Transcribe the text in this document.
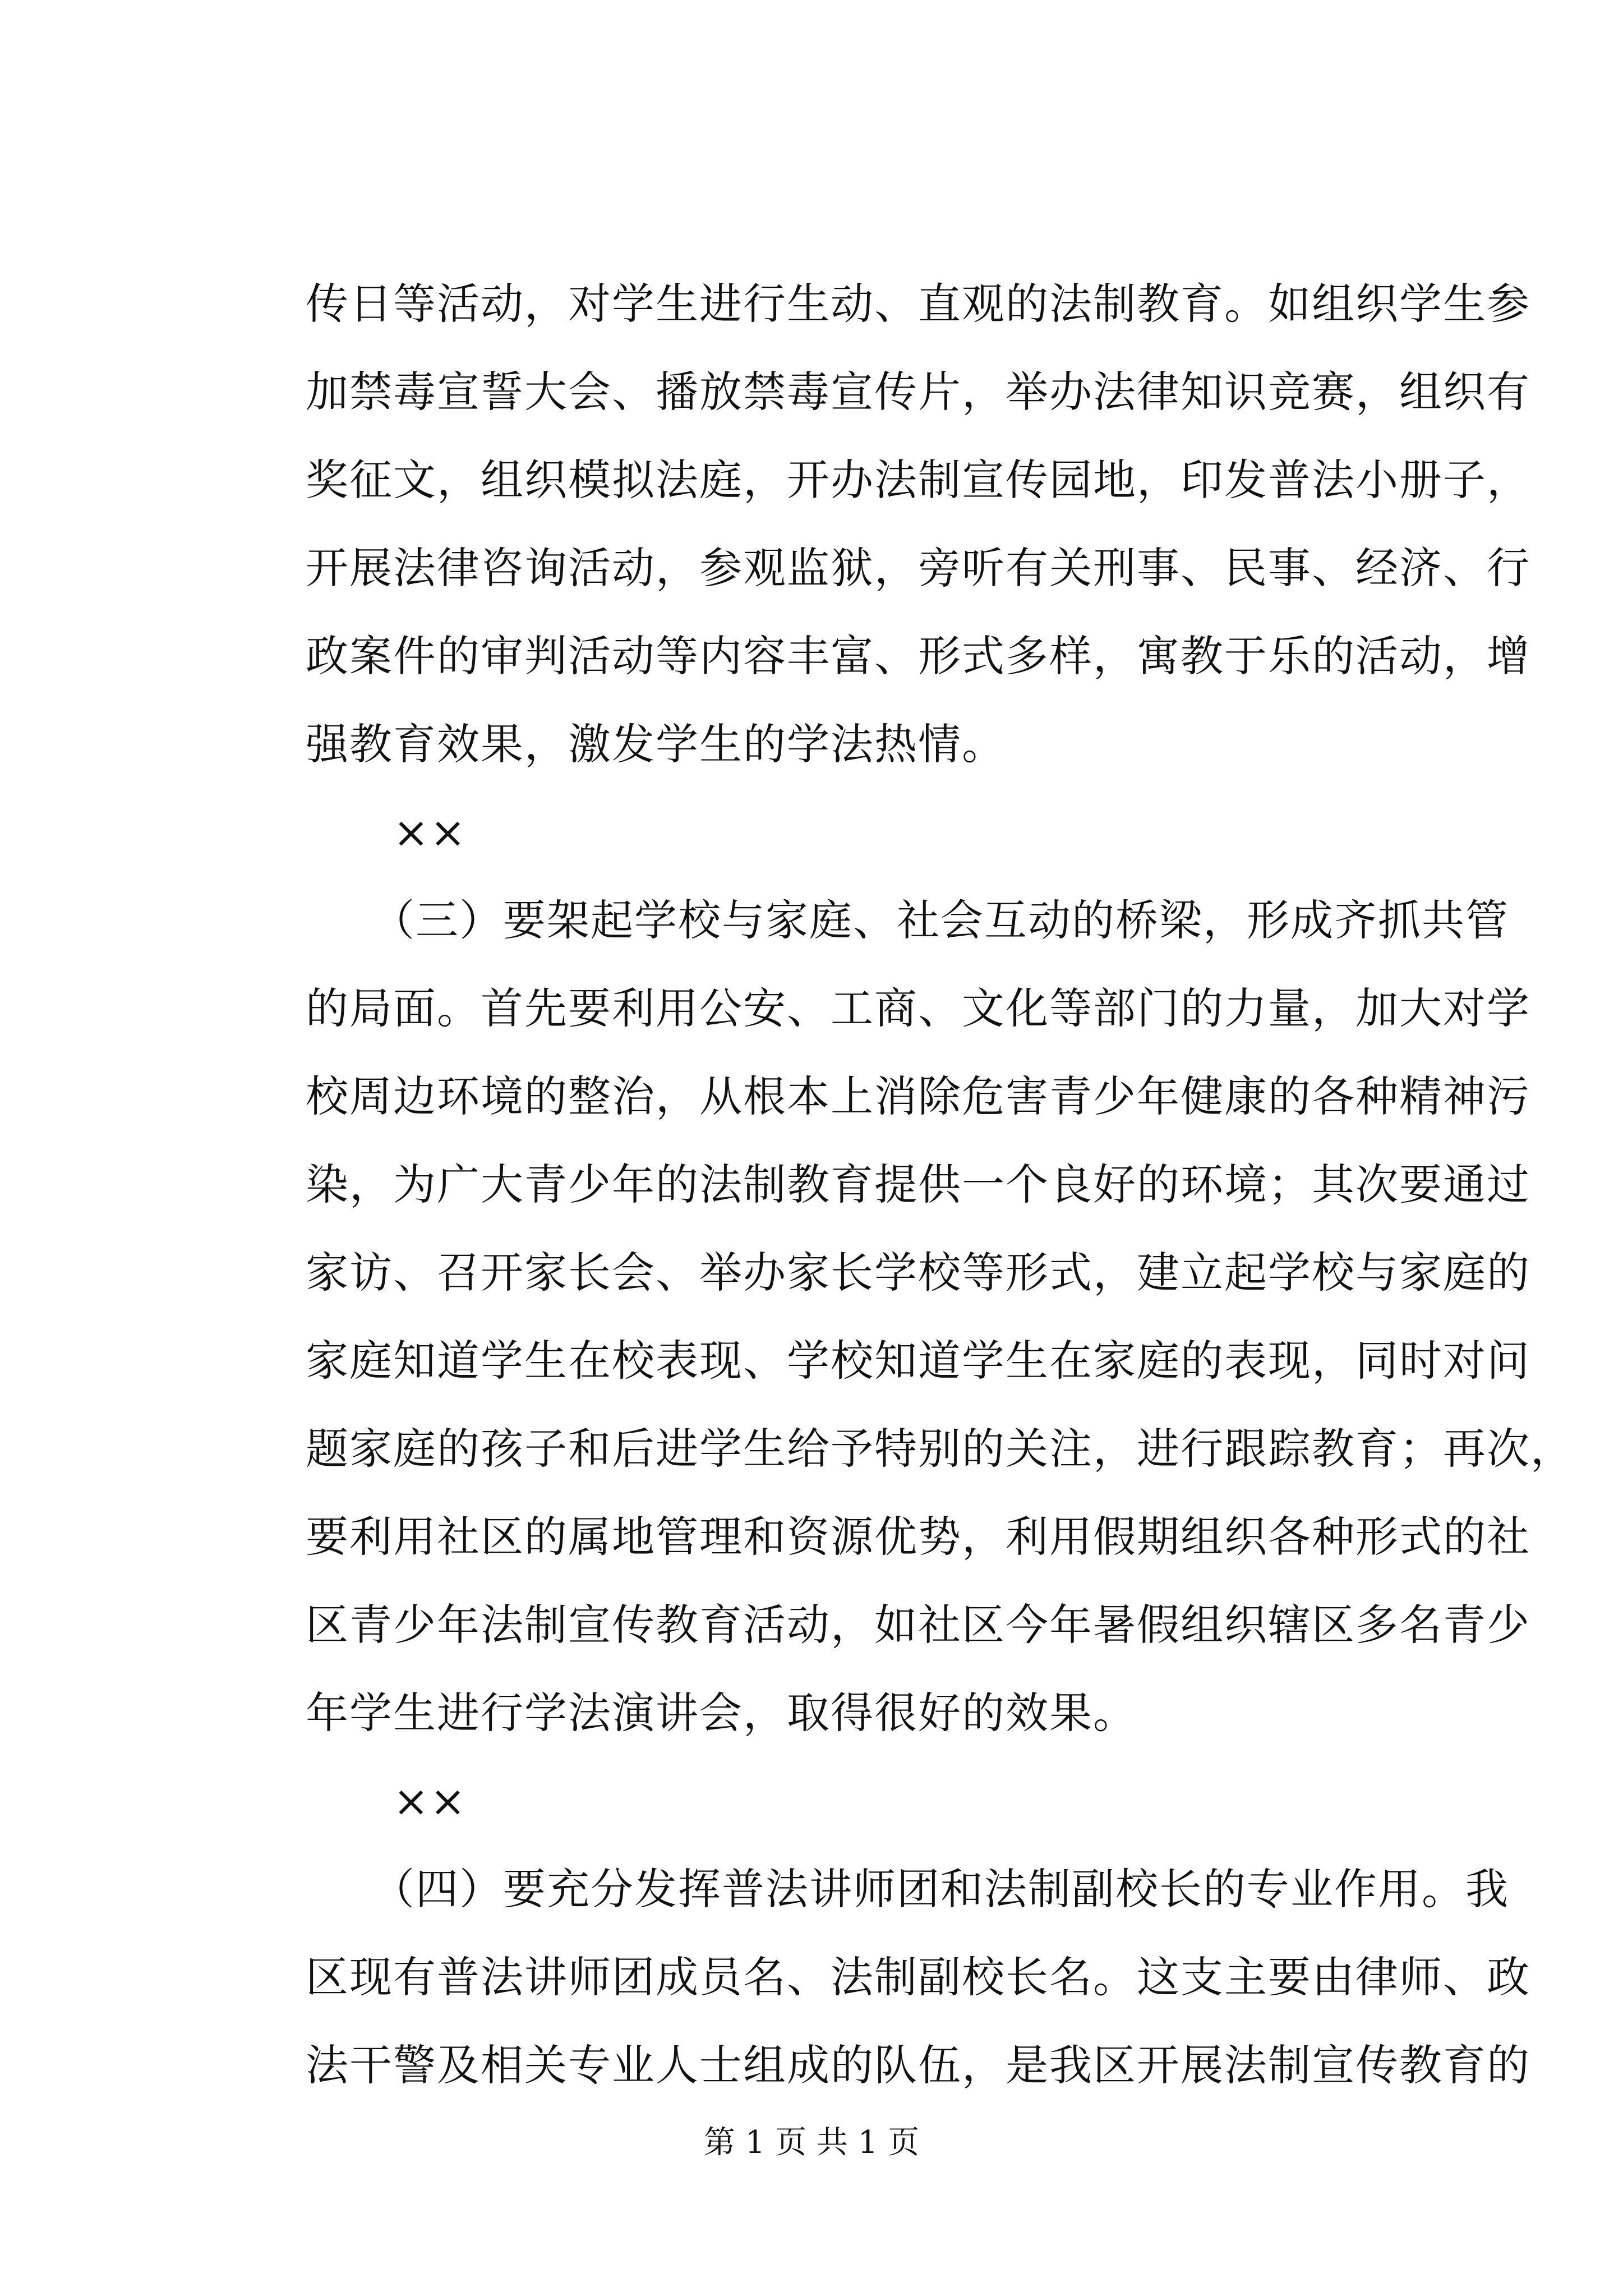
传日等活动，对学生进行生动、直观的法制教育。如组织学生参
加禁毒宣誓大会、播放禁毒宣传片，举办法律知识竞赛，组织有
奖征文，组织模拟法庭，开办法制宣传园地，印发普法小册子，
开展法律咨询活动，参观监狱，旁听有关刑事、民事、经济、行
政案件的审判活动等内容丰富、形式多样，寓教于乐的活动，增
强教育效果，激发学生的学法热情。
　　××
　　（三）要架起学校与家庭、社会互动的桥梁，形成齐抓共管
的局面。首先要利用公安、工商、文化等部门的力量，加大对学
校周边环境的整治，从根本上消除危害青少年健康的各种精神污
染，为广大青少年的法制教育提供一个良好的环境；其次要通过
家访、召开家长会、举办家长学校等形式，建立起学校与家庭的
家庭知道学生在校表现、学校知道学生在家庭的表现，同时对问
题家庭的孩子和后进学生给予特别的关注，进行跟踪教育；再次，
要利用社区的属地管理和资源优势，利用假期组织各种形式的社
区青少年法制宣传教育活动，如社区今年暑假组织辖区多名青少
年学生进行学法演讲会，取得很好的效果。
　　××
　　（四）要充分发挥普法讲师团和法制副校长的专业作用。我
区现有普法讲师团成员名、法制副校长名。这支主要由律师、政
法干警及相关专业人士组成的队伍，是我区开展法制宣传教育的
第 1 页 共 1 页
